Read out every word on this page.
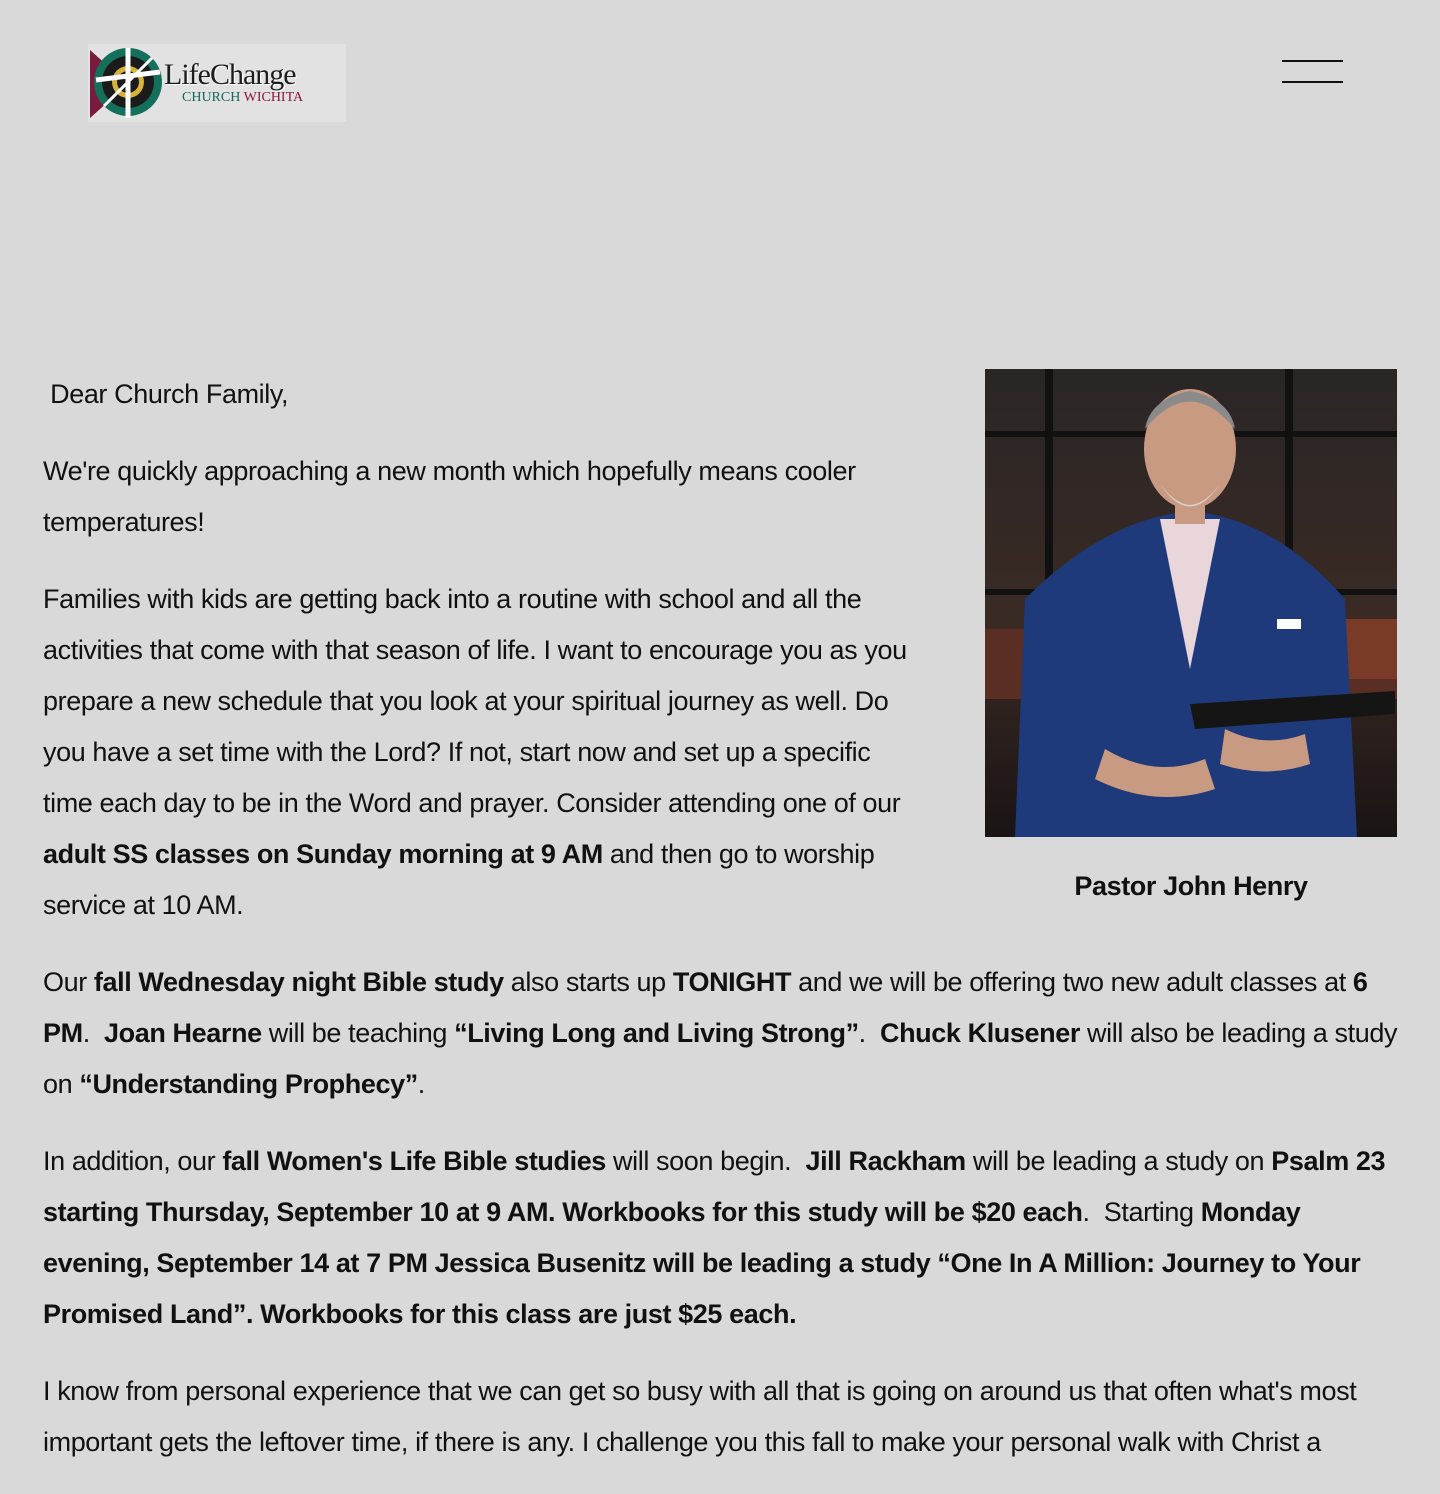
LifeChange
CHURCH WICHITA

Dear Church Family,

We're quickly approaching a new month which hopefully means cooler temperatures!

Families with kids are getting back into a routine with school and all the activities that come with that season of life. I want to encourage you as you prepare a new schedule that you look at your spiritual journey as well. Do you have a set time with the Lord? If not, start now and set up a specific time each day to be in the Word and prayer. Consider attending one of our adult SS classes on Sunday morning at 9 AM and then go to worship service at 10 AM.

Our fall Wednesday night Bible study also starts up TONIGHT and we will be offering two new adult classes at 6 PM.  Joan Hearne will be teaching “Living Long and Living Strong”.  Chuck Klusener will also be leading a study on “Understanding Prophecy”.

In addition, our fall Women's Life Bible studies will soon begin.  Jill Rackham will be leading a study on Psalm 23 starting Thursday, September 10 at 9 AM. Workbooks for this study will be $20 each.  Starting Monday evening, September 14 at 7 PM Jessica Busenitz will be leading a study “One In A Million: Journey to Your Promised Land”. Workbooks for this class are just $25 each.

I know from personal experience that we can get so busy with all that is going on around us that often what's most important gets the leftover time, if there is any. I challenge you this fall to make your personal walk with Christ a

Pastor John Henry
